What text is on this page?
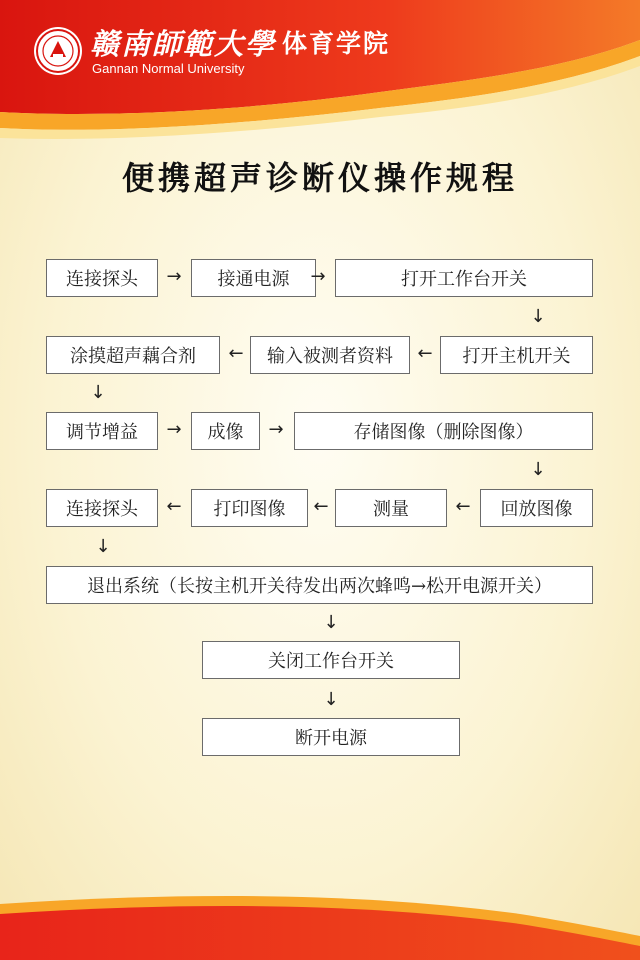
赣南師範大學 体育学院
Gannan Normal University
便携超声诊断仪操作规程
连接探头	→	接通电源	→	打开工作台开关
↓
涂摸超声藕合剂	←	输入被测者资料	←	打开主机开关
↓
调节增益	→	成像	→	存储图像（删除图像）
↓
连接探头	←	打印图像	←	测量	←	回放图像
↓
退出系统（长按主机开关待发出两次蜂鸣→松开电源开关）
↓
关闭工作台开关
↓
断开电源
